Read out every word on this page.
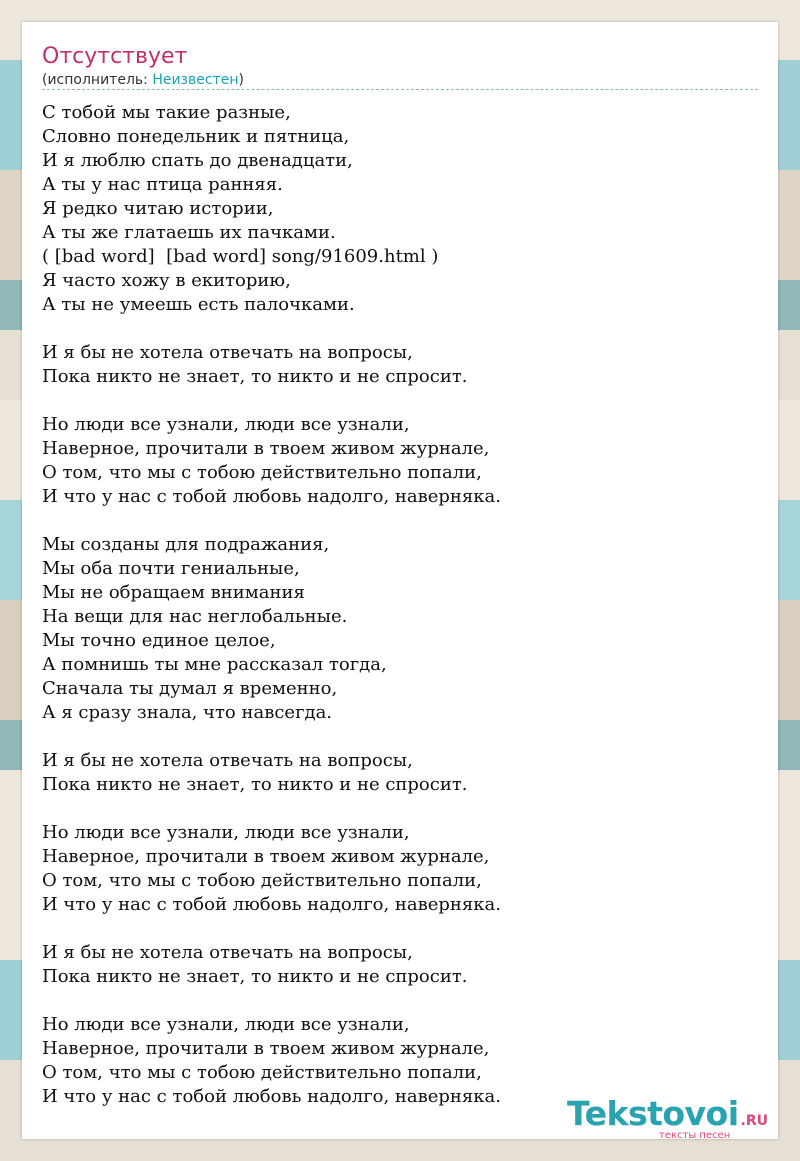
Отсутствует
(исполнитель: Неизвестен)
С тобой мы такие разные,
Словно понедельник и пятница,
И я люблю спать до двенадцати,
А ты у нас птица ранняя.
Я редко читаю истории,
А ты же глатаешь их пачками.
( [bad word]  [bad word] song/91609.html )
Я часто хожу в екиторию,
А ты не умеешь есть палочками.
И я бы не хотела отвечать на вопросы,
Пока никто не знает, то никто и не спросит.
Но люди все узнали, люди все узнали,
Наверное, прочитали в твоем живом журнале,
О том, что мы с тобою действительно попали,
И что у нас с тобой любовь надолго, наверняка.
Мы созданы для подражания,
Мы оба почти гениальные,
Мы не обращаем внимания
На вещи для нас неглобальные.
Мы точно единое целое,
А помнишь ты мне рассказал тогда,
Сначала ты думал я временно,
А я сразу знала, что навсегда.
И я бы не хотела отвечать на вопросы,
Пока никто не знает, то никто и не спросит.
Но люди все узнали, люди все узнали,
Наверное, прочитали в твоем живом журнале,
О том, что мы с тобою действительно попали,
И что у нас с тобой любовь надолго, наверняка.
И я бы не хотела отвечать на вопросы,
Пока никто не знает, то никто и не спросит.
Но люди все узнали, люди все узнали,
Наверное, прочитали в твоем живом журнале,
О том, что мы с тобою действительно попали,
И что у нас с тобой любовь надолго, наверняка. Tekstovoi .RU
тексты песен
